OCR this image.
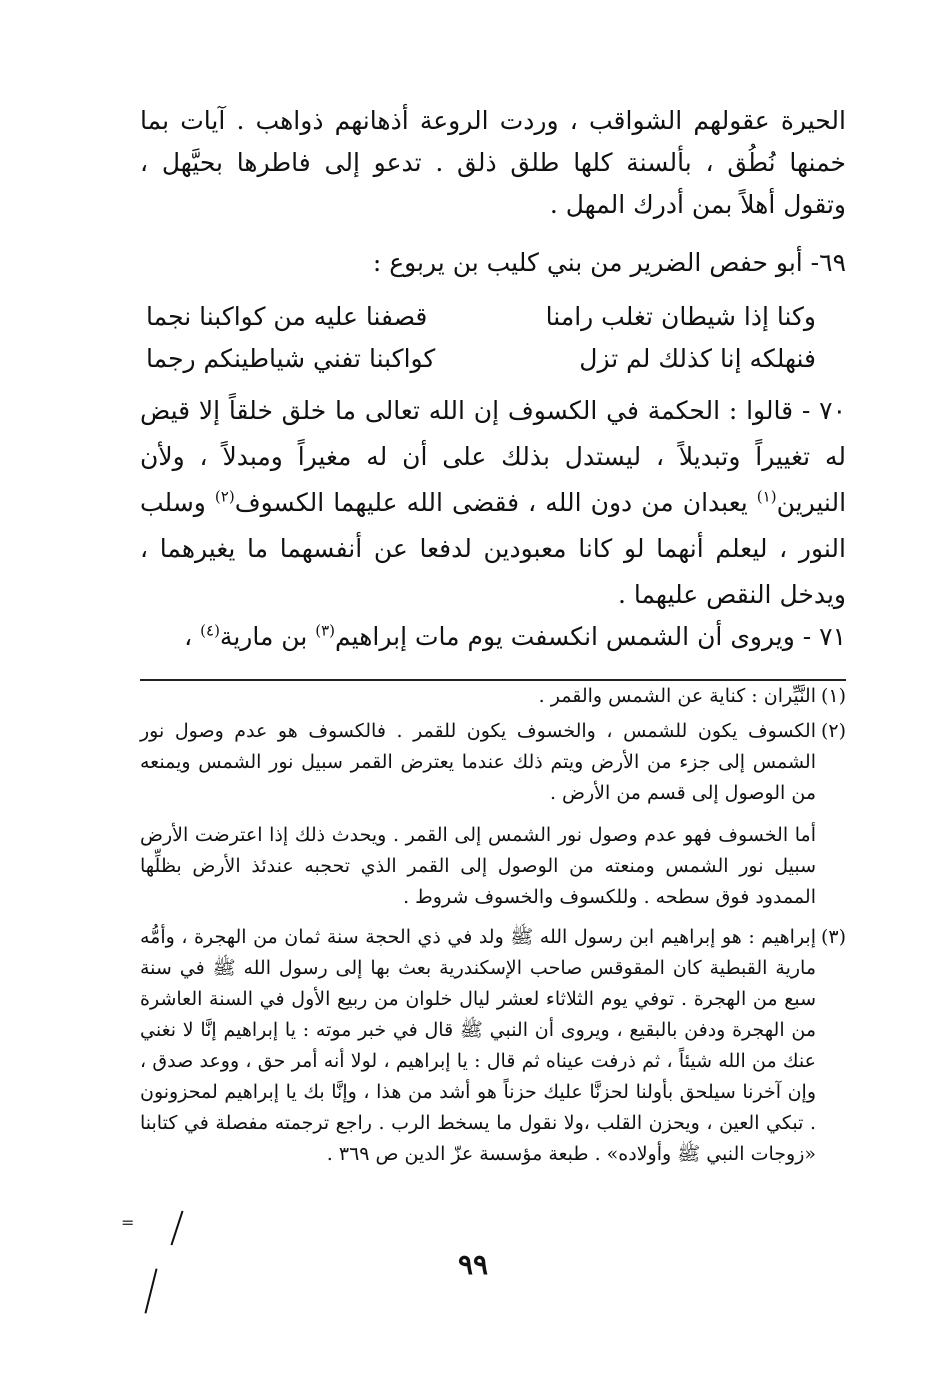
الحيرة عقولهم الشواقب ، وردت الروعة أذهانهم ذواهب . آيات بما خمنها نُطُق ، بألسنة كلها طلق ذلق . تدعو إلى فاطرها بحيَّهل ، وتقول أهلاً بمن أدرك المهل .
٦٩- أبو حفص الضرير من بني كليب بن يربوع :
وكنا إذا شيطان تغلب رامنا
قصفنا عليه من كواكبنا نجما
فنهلكه إنا كذلك لم تزل
كواكبنا تفني شياطينكم رجما
٧٠ - قالوا : الحكمة في الكسوف إن الله تعالى ما خلق خلقاً إلا قيض له تغييراً وتبديلاً ، ليستدل بذلك على أن له مغيراً ومبدلاً ، ولأن النيرين$^{(١)}$ يعبدان من دون الله ، فقضى الله عليهما الكسوف$^{(٢)}$ وسلب النور ، ليعلم أنهما لو كانا معبودين لدفعا عن أنفسهما ما يغيرهما ، ويدخل النقص عليهما .
٧١ - ويروى أن الشمس انكسفت يوم مات إبراهيم$^{(٣)}$ بن مارية$^{(٤)}$ ،
(١)
النَّيِّران : كناية عن الشمس والقمر .
(٢)
الكسوف يكون للشمس ، والخسوف يكون للقمر . فالكسوف هو عدم وصول نور الشمس إلى جزء من الأرض ويتم ذلك عندما يعترض القمر سبيل نور الشمس ويمنعه من الوصول إلى قسم من الأرض .
أما الخسوف فهو عدم وصول نور الشمس إلى القمر . ويحدث ذلك إذا اعترضت الأرض سبيل نور الشمس ومنعته من الوصول إلى القمر الذي تحجبه عندئذ الأرض بظلِّها الممدود فوق سطحه . وللكسوف والخسوف شروط .
(٣)
إبراهيم : هو إبراهيم ابن رسول الله ﷺ ولد في ذي الحجة سنة ثمان من الهجرة ، وأمُّه مارية القبطية كان المقوقس صاحب الإسكندرية بعث بها إلى رسول الله ﷺ في سنة سبع من الهجرة . توفي يوم الثلاثاء لعشر ليال خلوان من ربيع الأول في السنة العاشرة من الهجرة ودفن بالبقيع ، ويروى أن النبي ﷺ قال في خبر موته : يا إبراهيم إنَّا لا نغني عنك من الله شيئاً ، ثم ذرفت عيناه ثم قال : يا إبراهيم ، لولا أنه أمر حق ، ووعد صدق ، وإن آخرنا سيلحق بأولنا لحزنَّا عليك حزناً هو أشد من هذا ، وإنَّا بك يا إبراهيم لمحزونون . تبكي العين ، ويحزن القلب ،ولا نقول ما يسخط الرب . راجع ترجمته مفصلة في كتابنا «زوجات النبي ﷺ وأولاده» . طبعة مؤسسة عزّ الدين ص ٣٦٩ .
٩٩
=
